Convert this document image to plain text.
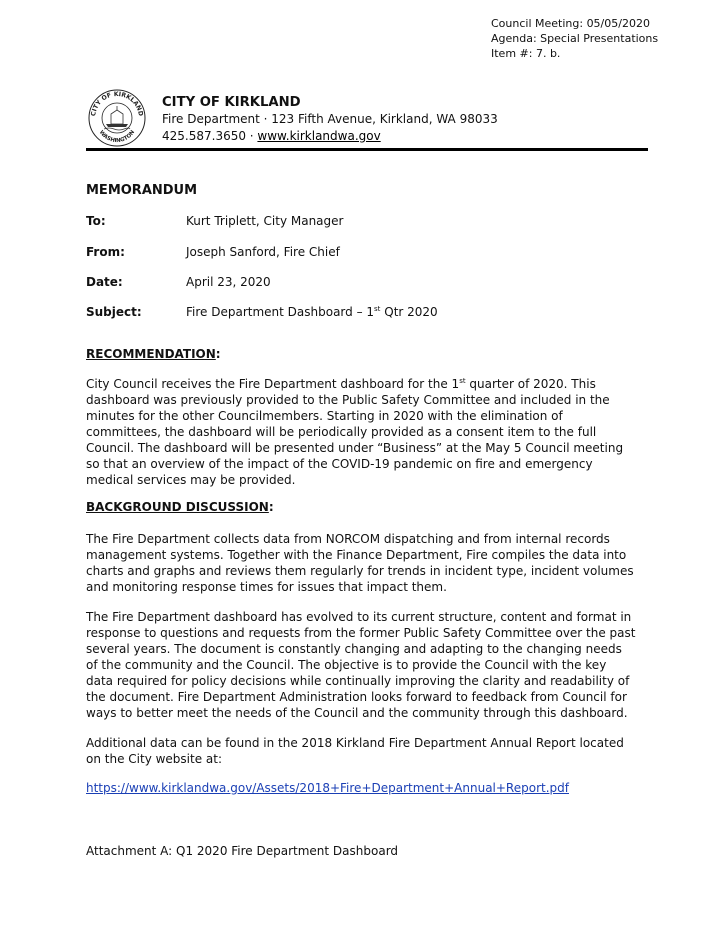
Council Meeting: 05/05/2020
Agenda: Special Presentations
Item #: 7. b.
CITY OF KIRKLAND
WASHINGTON
CITY OF KIRKLAND
Fire Department · 123 Fifth Avenue, Kirkland, WA 98033
425.587.3650 · www.kirklandwa.gov
MEMORANDUM
To:	Kurt Triplett, City Manager
From:	Joseph Sanford, Fire Chief
Date:	April 23, 2020
Subject:	Fire Department Dashboard – 1st Qtr 2020
RECOMMENDATION:
City Council receives the Fire Department dashboard for the 1st quarter of 2020. This dashboard was previously provided to the Public Safety Committee and included in the minutes for the other Councilmembers. Starting in 2020 with the elimination of committees, the dashboard will be periodically provided as a consent item to the full Council. The dashboard will be presented under “Business” at the May 5 Council meeting so that an overview of the impact of the COVID-19 pandemic on fire and emergency medical services may be provided.
BACKGROUND DISCUSSION:
The Fire Department collects data from NORCOM dispatching and from internal records management systems. Together with the Finance Department, Fire compiles the data into charts and graphs and reviews them regularly for trends in incident type, incident volumes and monitoring response times for issues that impact them.
The Fire Department dashboard has evolved to its current structure, content and format in response to questions and requests from the former Public Safety Committee over the past several years. The document is constantly changing and adapting to the changing needs of the community and the Council. The objective is to provide the Council with the key data required for policy decisions while continually improving the clarity and readability of the document. Fire Department Administration looks forward to feedback from Council for ways to better meet the needs of the Council and the community through this dashboard.
Additional data can be found in the 2018 Kirkland Fire Department Annual Report located on the City website at:
https://www.kirklandwa.gov/Assets/2018+Fire+Department+Annual+Report.pdf
Attachment A: Q1 2020 Fire Department Dashboard
